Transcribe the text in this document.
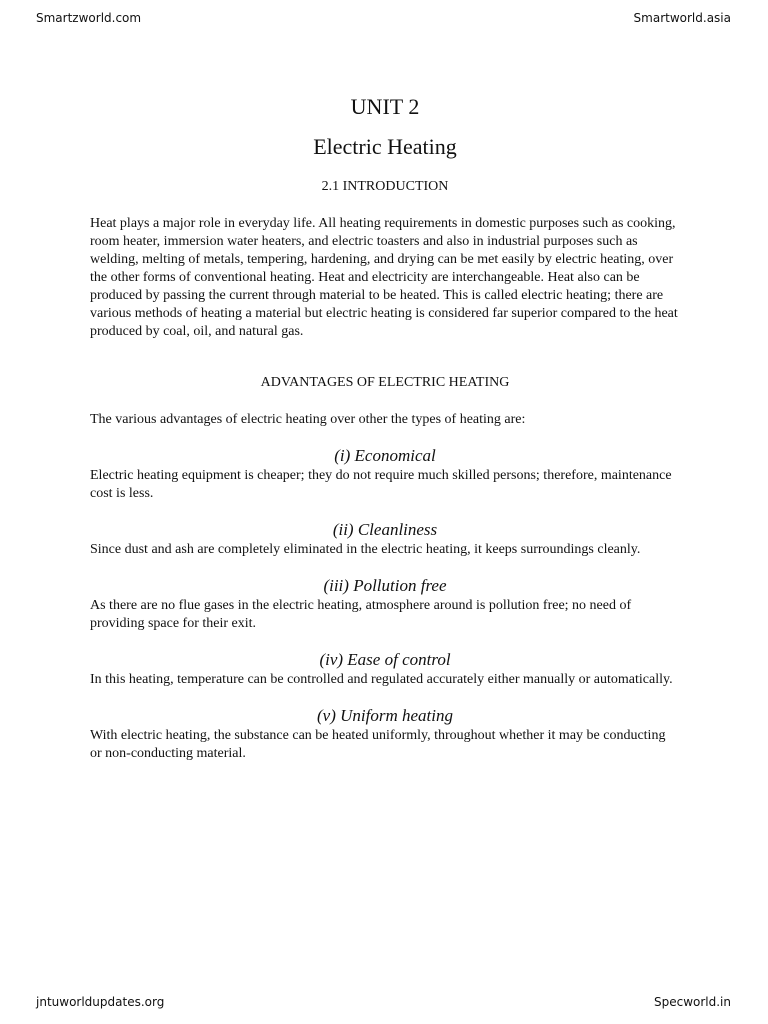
Smartzworld.com	Smartworld.asia
UNIT 2
Electric Heating
2.1 INTRODUCTION

Heat plays a major role in everyday life. All heating requirements in domestic purposes such as cooking, room heater, immersion water heaters, and electric toasters and also in industrial purposes such as welding, melting of metals, tempering, hardening, and drying can be met easily by electric heating, over the other forms of conventional heating. Heat and electricity are interchangeable. Heat also can be produced by passing the current through material to be heated. This is called electric heating; there are various methods of heating a material but electric heating is considered far superior compared to the heat produced by coal, oil, and natural gas.

ADVANTAGES OF ELECTRIC HEATING

The various advantages of electric heating over other the types of heating are:

(i) Economical

Electric heating equipment is cheaper; they do not require much skilled persons; therefore, maintenance cost is less.

(ii) Cleanliness

Since dust and ash are completely eliminated in the electric heating, it keeps surroundings cleanly.

(iii) Pollution free

As there are no flue gases in the electric heating, atmosphere around is pollution free; no need of providing space for their exit.

(iv) Ease of control

In this heating, temperature can be controlled and regulated accurately either manually or automatically.

(v) Uniform heating

With electric heating, the substance can be heated uniformly, throughout whether it may be conducting or non-conducting material.

jntuworldupdates.org	Specworld.in
